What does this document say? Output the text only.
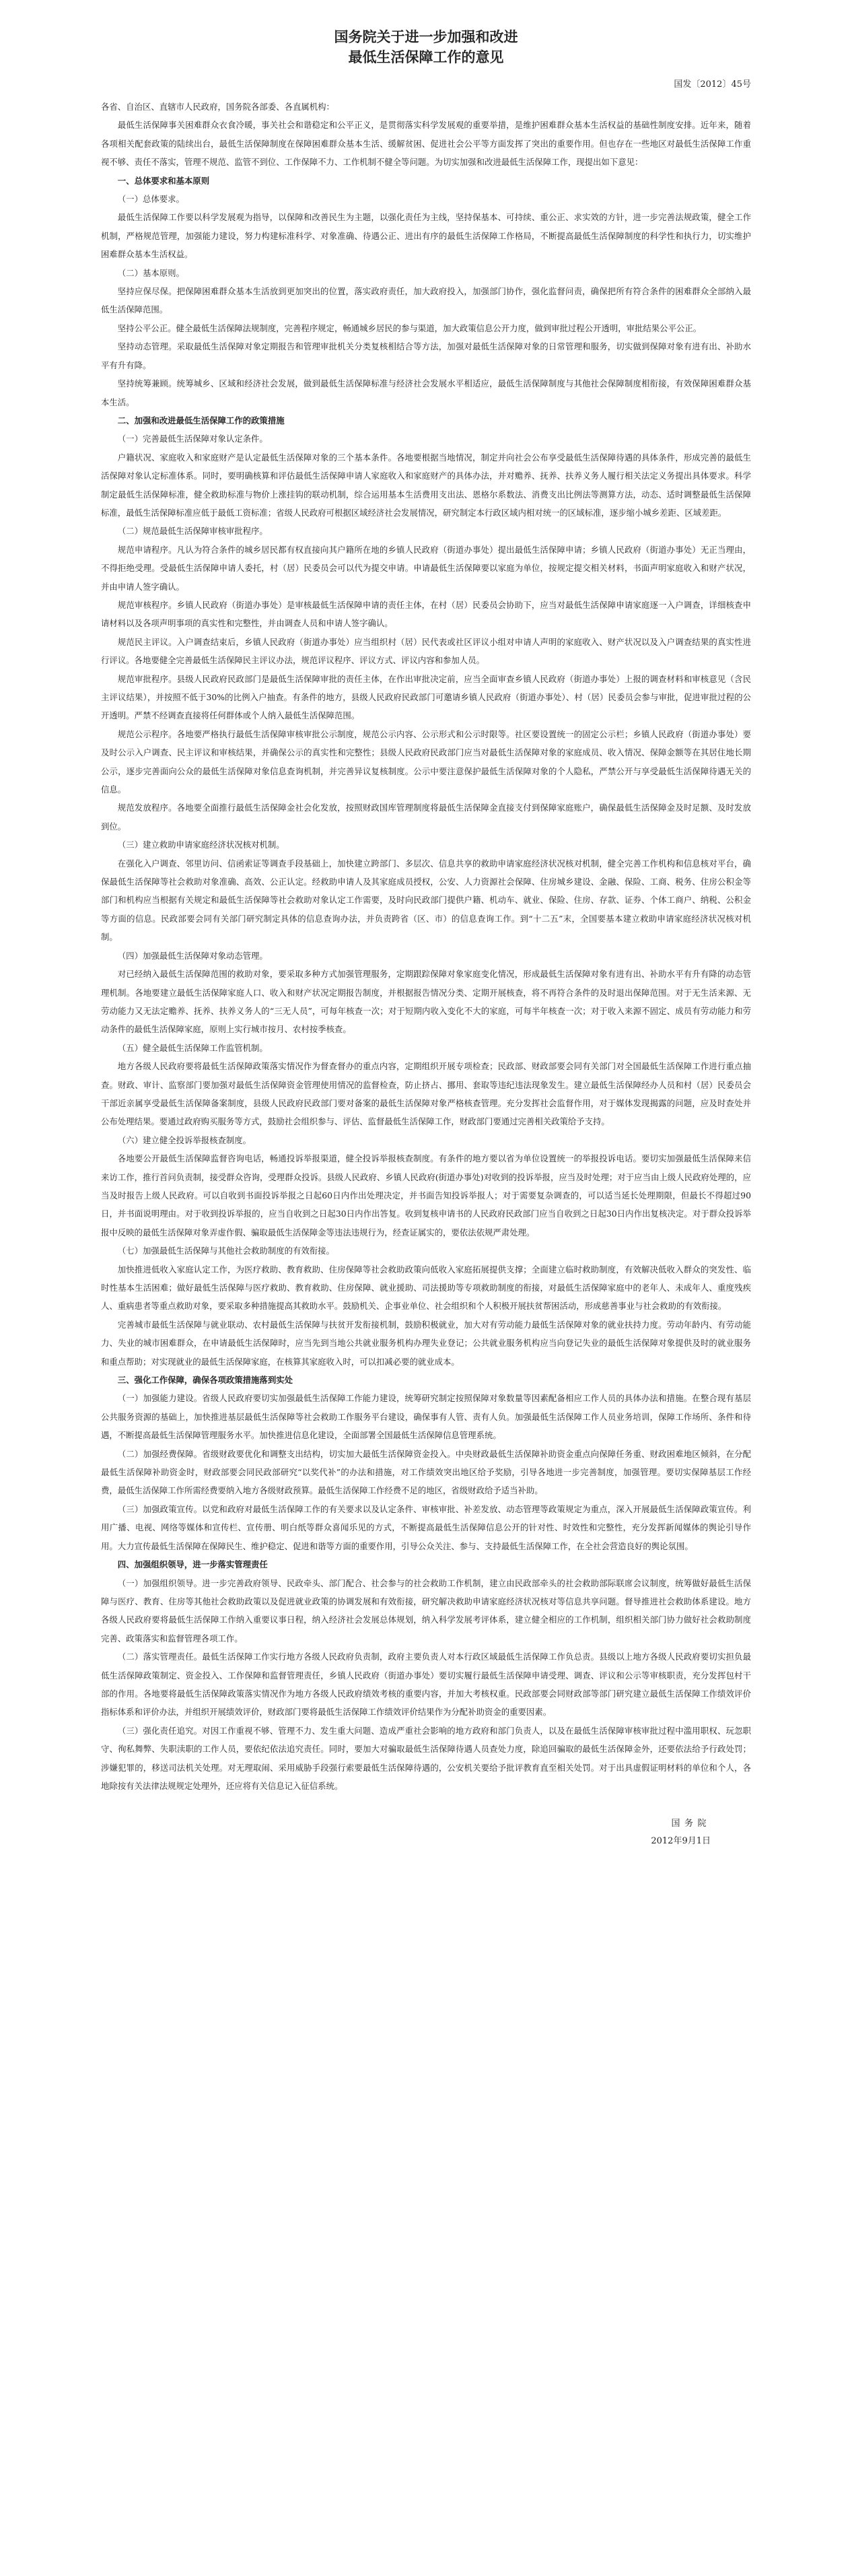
国务院关于进一步加强和改进
最低生活保障工作的意见
国发〔2012〕45号

各省、自治区、直辖市人民政府，国务院各部委、各直属机构：

最低生活保障事关困难群众衣食冷暖，事关社会和谐稳定和公平正义，是贯彻落实科学发展观的重要举措，是维护困难群众基本生活权益的基础性制度安排。近年来，随着各项相关配套政策的陆续出台，最低生活保障制度在保障困难群众基本生活、缓解贫困、促进社会公平等方面发挥了突出的重要作用。但也存在一些地区对最低生活保障工作重视不够、责任不落实，管理不规范、监管不到位、工作保障不力、工作机制不健全等问题。为切实加强和改进最低生活保障工作，现提出如下意见：

一、总体要求和基本原则

（一）总体要求。

最低生活保障工作要以科学发展观为指导，以保障和改善民生为主题，以强化责任为主线，坚持保基本、可持续、重公正、求实效的方针，进一步完善法规政策，健全工作机制，严格规范管理，加强能力建设，努力构建标准科学、对象准确、待遇公正、进出有序的最低生活保障工作格局，不断提高最低生活保障制度的科学性和执行力，切实维护困难群众基本生活权益。

（二）基本原则。

坚持应保尽保。把保障困难群众基本生活放到更加突出的位置，落实政府责任，加大政府投入，加强部门协作，强化监督问责，确保把所有符合条件的困难群众全部纳入最低生活保障范围。

坚持公平公正。健全最低生活保障法规制度，完善程序规定，畅通城乡居民的参与渠道，加大政策信息公开力度，做到审批过程公开透明，审批结果公平公正。

坚持动态管理。采取最低生活保障对象定期报告和管理审批机关分类复核相结合等方法，加强对最低生活保障对象的日常管理和服务，切实做到保障对象有进有出、补助水平有升有降。

坚持统筹兼顾。统筹城乡、区域和经济社会发展，做到最低生活保障标准与经济社会发展水平相适应，最低生活保障制度与其他社会保障制度相衔接，有效保障困难群众基本生活。

二、加强和改进最低生活保障工作的政策措施

（一）完善最低生活保障对象认定条件。

户籍状况、家庭收入和家庭财产是认定最低生活保障对象的三个基本条件。各地要根据当地情况，制定并向社会公布享受最低生活保障待遇的具体条件，形成完善的最低生活保障对象认定标准体系。同时，要明确核算和评估最低生活保障申请人家庭收入和家庭财产的具体办法，并对赡养、抚养、扶养义务人履行相关法定义务提出具体要求。科学制定最低生活保障标准，健全救助标准与物价上涨挂钩的联动机制，综合运用基本生活费用支出法、恩格尔系数法、消费支出比例法等测算方法，动态、适时调整最低生活保障标准，最低生活保障标准应低于最低工资标准；省级人民政府可根据区域经济社会发展情况，研究制定本行政区域内相对统一的区域标准，逐步缩小城乡差距、区域差距。

（二）规范最低生活保障审核审批程序。

规范申请程序。凡认为符合条件的城乡居民都有权直接向其户籍所在地的乡镇人民政府（街道办事处）提出最低生活保障申请；乡镇人民政府（街道办事处）无正当理由，不得拒绝受理。受最低生活保障申请人委托，村（居）民委员会可以代为提交申请。申请最低生活保障要以家庭为单位，按规定提交相关材料，书面声明家庭收入和财产状况，并由申请人签字确认。

规范审核程序。乡镇人民政府（街道办事处）是审核最低生活保障申请的责任主体，在村（居）民委员会协助下，应当对最低生活保障申请家庭逐一入户调查，详细核查申请材料以及各项声明事项的真实性和完整性，并由调查人员和申请人签字确认。

规范民主评议。入户调查结束后，乡镇人民政府（街道办事处）应当组织村（居）民代表或社区评议小组对申请人声明的家庭收入、财产状况以及入户调查结果的真实性进行评议。各地要健全完善最低生活保障民主评议办法，规范评议程序、评议方式、评议内容和参加人员。

规范审批程序。县级人民政府民政部门是最低生活保障审批的责任主体，在作出审批决定前，应当全面审查乡镇人民政府（街道办事处）上报的调查材料和审核意见（含民主评议结果），并按照不低于30%的比例入户抽查。有条件的地方，县级人民政府民政部门可邀请乡镇人民政府（街道办事处）、村（居）民委员会参与审批，促进审批过程的公开透明。严禁不经调查直接将任何群体或个人纳入最低生活保障范围。

规范公示程序。各地要严格执行最低生活保障审核审批公示制度，规范公示内容、公示形式和公示时限等。社区要设置统一的固定公示栏；乡镇人民政府（街道办事处）要及时公示入户调查、民主评议和审核结果，并确保公示的真实性和完整性；县级人民政府民政部门应当对最低生活保障对象的家庭成员、收入情况、保障金额等在其居住地长期公示，逐步完善面向公众的最低生活保障对象信息查询机制，并完善异议复核制度。公示中要注意保护最低生活保障对象的个人隐私，严禁公开与享受最低生活保障待遇无关的信息。

规范发放程序。各地要全面推行最低生活保障金社会化发放，按照财政国库管理制度将最低生活保障金直接支付到保障家庭账户，确保最低生活保障金及时足额、及时发放到位。

（三）建立救助申请家庭经济状况核对机制。

在强化入户调查、邻里访问、信函索证等调查手段基础上，加快建立跨部门、多层次、信息共享的救助申请家庭经济状况核对机制，健全完善工作机构和信息核对平台，确保最低生活保障等社会救助对象准确、高效、公正认定。经救助申请人及其家庭成员授权，公安、人力资源社会保障、住房城乡建设、金融、保险、工商、税务、住房公积金等部门和机构应当根据有关规定和最低生活保障等社会救助对象认定工作需要，及时向民政部门提供户籍、机动车、就业、保险、住房、存款、证券、个体工商户、纳税、公积金等方面的信息。民政部要会同有关部门研究制定具体的信息查询办法，并负责跨省（区、市）的信息查询工作。到“十二五”末，全国要基本建立救助申请家庭经济状况核对机制。

（四）加强最低生活保障对象动态管理。

对已经纳入最低生活保障范围的救助对象，要采取多种方式加强管理服务，定期跟踪保障对象家庭变化情况，形成最低生活保障对象有进有出、补助水平有升有降的动态管理机制。各地要建立最低生活保障家庭人口、收入和财产状况定期报告制度，并根据报告情况分类、定期开展核查，将不再符合条件的及时退出保障范围。对于无生活来源、无劳动能力又无法定赡养、抚养、扶养义务人的“三无人员”，可每年核查一次；对于短期内收入变化不大的家庭，可每半年核查一次；对于收入来源不固定、成员有劳动能力和劳动条件的最低生活保障家庭，原则上实行城市按月、农村按季核查。

（五）健全最低生活保障工作监管机制。

地方各级人民政府要将最低生活保障政策落实情况作为督查督办的重点内容，定期组织开展专项检查；民政部、财政部要会同有关部门对全国最低生活保障工作进行重点抽查。财政、审计、监察部门要加强对最低生活保障资金管理使用情况的监督检查，防止挤占、挪用、套取等违纪违法现象发生。建立最低生活保障经办人员和村（居）民委员会干部近亲属享受最低生活保障备案制度，县级人民政府民政部门要对备案的最低生活保障对象严格核查管理。充分发挥社会监督作用，对于媒体发现揭露的问题，应及时查处并公布处理结果。要通过政府购买服务等方式，鼓励社会组织参与、评估、监督最低生活保障工作，财政部门要通过完善相关政策给予支持。

（六）建立健全投诉举报核查制度。

各地要公开最低生活保障监督咨询电话，畅通投诉举报渠道，健全投诉举报核查制度。有条件的地方要以省为单位设置统一的举报投诉电话。要切实加强最低生活保障来信来访工作，推行首问负责制，接受群众咨询，受理群众投诉。县级人民政府、乡镇人民政府(街道办事处)对收到的投诉举报，应当及时处理；对于应当由上级人民政府处理的，应当及时报告上级人民政府。可以自收到书面投诉举报之日起60日内作出处理决定，并书面告知投诉举报人；对于需要复杂调查的，可以适当延长处理期限，但最长不得超过90日，并书面说明理由。对于收到投诉举报的，应当自收到之日起30日内作出答复。收到复核申请书的人民政府民政部门应当自收到之日起30日内作出复核决定。对于群众投诉举报中反映的最低生活保障对象弄虚作假、骗取最低生活保障金等违法违规行为，经查证属实的，要依法依规严肃处理。

（七）加强最低生活保障与其他社会救助制度的有效衔接。

加快推进低收入家庭认定工作，为医疗救助、教育救助、住房保障等社会救助政策向低收入家庭拓展提供支撑；全面建立临时救助制度，有效解决低收入群众的突发性、临时性基本生活困难；做好最低生活保障与医疗救助、教育救助、住房保障、就业援助、司法援助等专项救助制度的衔接，对最低生活保障家庭中的老年人、未成年人、重度残疾人、重病患者等重点救助对象，要采取多种措施提高其救助水平。鼓励机关、企事业单位、社会组织和个人积极开展扶贫帮困活动，形成慈善事业与社会救助的有效衔接。

完善城市最低生活保障与就业联动、农村最低生活保障与扶贫开发衔接机制，鼓励积极就业，加大对有劳动能力最低生活保障对象的就业扶持力度。劳动年龄内、有劳动能力、失业的城市困难群众，在申请最低生活保障时，应当先到当地公共就业服务机构办理失业登记；公共就业服务机构应当向登记失业的最低生活保障对象提供及时的就业服务和重点帮助；对实现就业的最低生活保障家庭，在核算其家庭收入时，可以扣减必要的就业成本。

三、强化工作保障，确保各项政策措施落到实处

（一）加强能力建设。省级人民政府要切实加强最低生活保障工作能力建设，统筹研究制定按照保障对象数量等因素配备相应工作人员的具体办法和措施。在整合现有基层公共服务资源的基础上，加快推进基层最低生活保障等社会救助工作服务平台建设，确保事有人管、责有人负。加强最低生活保障工作人员业务培训，保障工作场所、条件和待遇，不断提高最低生活保障管理服务水平。加快推进信息化建设，全面部署全国最低生活保障信息管理系统。

（二）加强经费保障。省级财政要优化和调整支出结构，切实加大最低生活保障资金投入。中央财政最低生活保障补助资金重点向保障任务重、财政困难地区倾斜，在分配最低生活保障补助资金时，财政部要会同民政部研究“以奖代补”的办法和措施，对工作绩效突出地区给予奖励，引导各地进一步完善制度，加强管理。要切实保障基层工作经费，最低生活保障工作所需经费要纳入地方各级财政预算。最低生活保障工作经费不足的地区，省级财政给予适当补助。

（三）加强政策宣传。以党和政府对最低生活保障工作的有关要求以及认定条件、审核审批、补差发放、动态管理等政策规定为重点，深入开展最低生活保障政策宣传。利用广播、电视、网络等媒体和宣传栏、宣传册、明白纸等群众喜闻乐见的方式，不断提高最低生活保障信息公开的针对性、时效性和完整性，充分发挥新闻媒体的舆论引导作用。大力宣传最低生活保障在保障民生、维护稳定、促进和谐等方面的重要作用，引导公众关注、参与、支持最低生活保障工作，在全社会营造良好的舆论氛围。

四、加强组织领导，进一步落实管理责任

（一）加强组织领导。进一步完善政府领导、民政牵头、部门配合、社会参与的社会救助工作机制，建立由民政部牵头的社会救助部际联席会议制度，统筹做好最低生活保障与医疗、教育、住房等其他社会救助政策以及促进就业政策的协调发展和有效衔接，研究解决救助申请家庭经济状况核对等信息共享问题。督导推进社会救助体系建设。地方各级人民政府要将最低生活保障工作纳入重要议事日程，纳入经济社会发展总体规划，纳入科学发展考评体系，建立健全相应的工作机制，组织相关部门协力做好社会救助制度完善、政策落实和监督管理各项工作。

（二）落实管理责任。最低生活保障工作实行地方各级人民政府负责制，政府主要负责人对本行政区域最低生活保障工作负总责。县级以上地方各级人民政府要切实担负最低生活保障政策制定、资金投入、工作保障和监督管理责任，乡镇人民政府（街道办事处）要切实履行最低生活保障申请受理、调查、评议和公示等审核职责，充分发挥包村干部的作用。各地要将最低生活保障政策落实情况作为地方各级人民政府绩效考核的重要内容，并加大考核权重。民政部要会同财政部等部门研究建立最低生活保障工作绩效评价指标体系和评价办法，并组织开展绩效评价，财政部门要将最低生活保障工作绩效评价结果作为分配补助资金的重要因素。

（三）强化责任追究。对因工作重视不够、管理不力、发生重大问题、造成严重社会影响的地方政府和部门负责人，以及在最低生活保障审核审批过程中滥用职权、玩忽职守、徇私舞弊、失职渎职的工作人员，要依纪依法追究责任。同时，要加大对骗取最低生活保障待遇人员查处力度，除追回骗取的最低生活保障金外，还要依法给予行政处罚；涉嫌犯罪的，移送司法机关处理。对无理取闹、采用威胁手段强行索要最低生活保障待遇的，公安机关要给予批评教育直至相关处罚。对于出具虚假证明材料的单位和个人，各地除按有关法律法规规定处理外，还应将有关信息记入征信系统。

国务院
2012年9月1日
